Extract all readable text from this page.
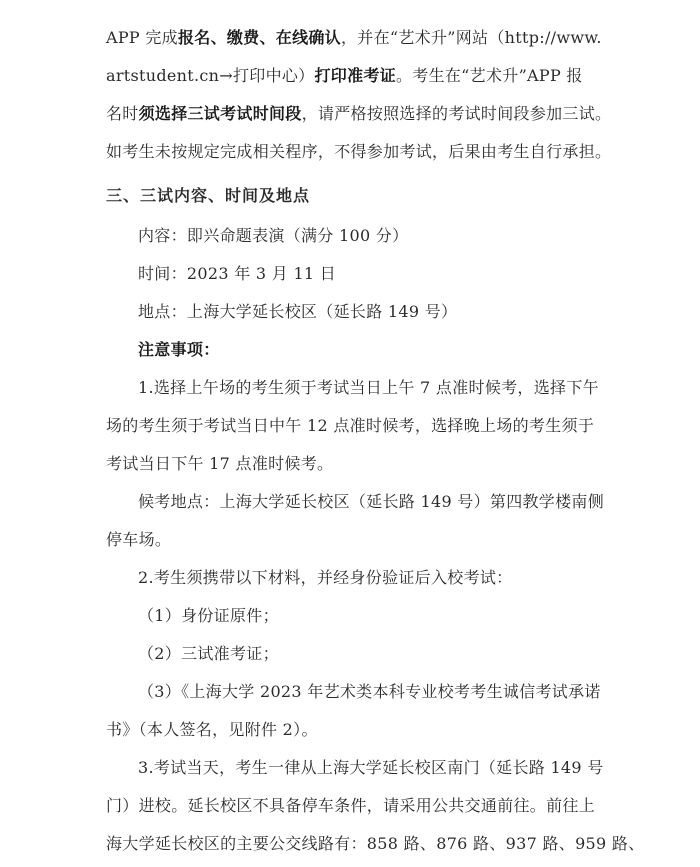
APP 完成报名、缴费、在线确认，并在“艺术升”网站（http://www.
artstudent.cn→打印中心）打印准考证。考生在“艺术升”APP 报
名时须选择三试考试时间段，请严格按照选择的考试时间段参加三试。
如考生未按规定完成相关程序，不得参加考试，后果由考生自行承担。
三、三试内容、时间及地点
内容：即兴命题表演（满分 100 分）
时间：2023 年 3 月 11 日
地点：上海大学延长校区（延长路 149 号）
注意事项：
1.选择上午场的考生须于考试当日上午 7 点准时候考，选择下午
场的考生须于考试当日中午 12 点准时候考，选择晚上场的考生须于
考试当日下午 17 点准时候考。
候考地点：上海大学延长校区（延长路 149 号）第四教学楼南侧
停车场。
2.考生须携带以下材料，并经身份验证后入校考试：
（1）身份证原件；
（2）三试准考证；
（3）《上海大学 2023 年艺术类本科专业校考考生诚信考试承诺
书》（本人签名，见附件 2）。
3.考试当天，考生一律从上海大学延长校区南门（延长路 149 号
门）进校。延长校区不具备停车条件，请采用公共交通前往。前往上
海大学延长校区的主要公交线路有：858 路、876 路、937 路、959 路、
